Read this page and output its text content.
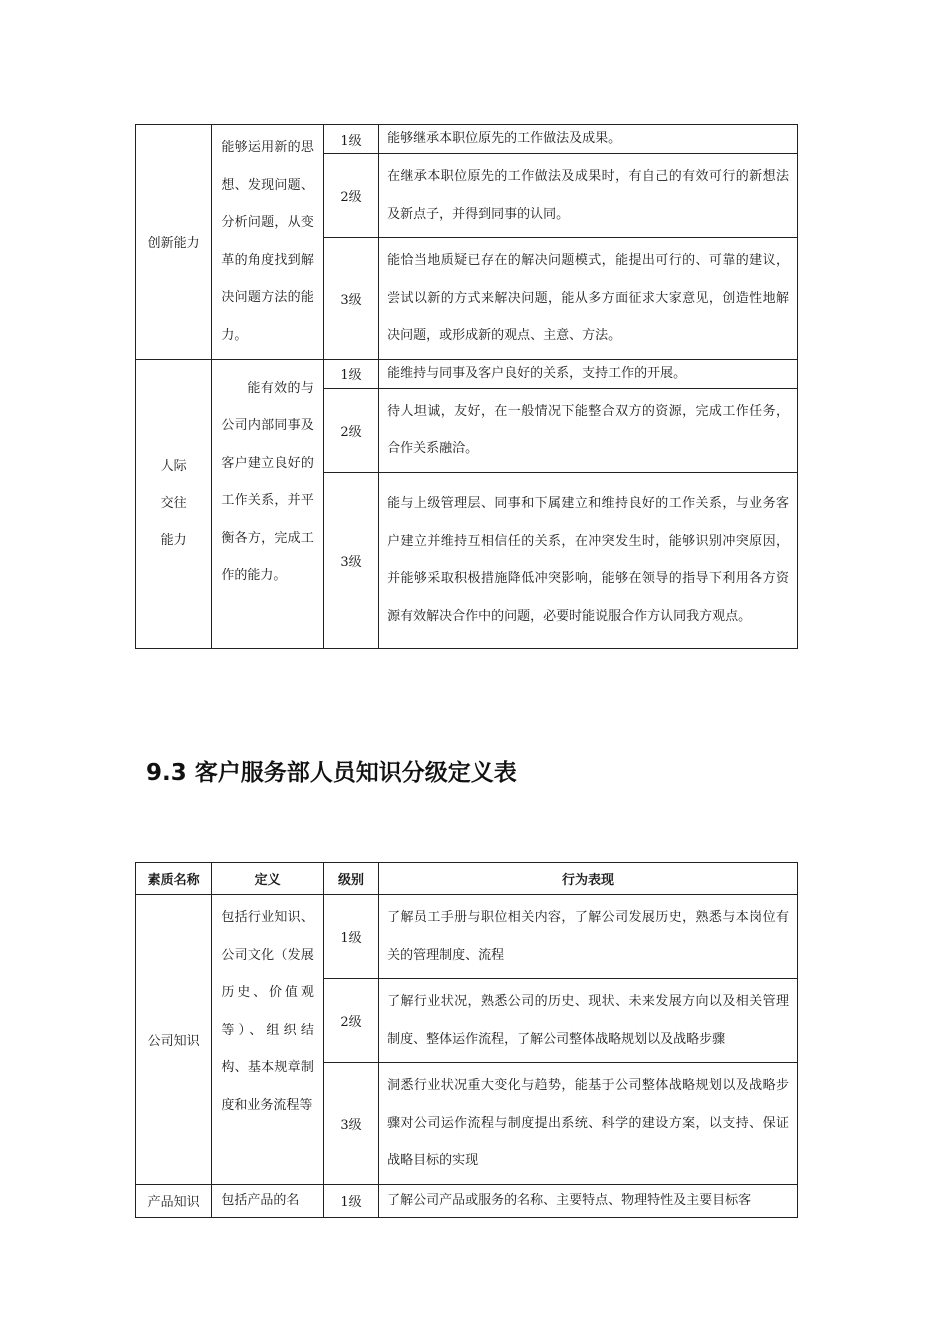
创新能力	能够运用新的思想、发现问题、分析问题，从变革的角度找到解决问题方法的能力。	1级	能够继承本职位原先的工作做法及成果。
		2级	在继承本职位原先的工作做法及成果时，有自己的有效可行的新想法及新点子，并得到同事的认同。
		3级	能恰当地质疑已存在的解决问题模式，能提出可行的、可靠的建议，尝试以新的方式来解决问题，能从多方面征求大家意见，创造性地解决问题，或形成新的观点、主意、方法。
人际交往能力	能有效的与公司内部同事及客户建立良好的工作关系，并平衡各方，完成工作的能力。	1级	能维持与同事及客户良好的关系，支持工作的开展。
		2级	待人坦诚，友好，在一般情况下能整合双方的资源，完成工作任务，合作关系融洽。
		3级	能与上级管理层、同事和下属建立和维持良好的工作关系，与业务客户建立并维持互相信任的关系，在冲突发生时，能够识别冲突原因，并能够采取积极措施降低冲突影响，能够在领导的指导下利用各方资源有效解决合作中的问题，必要时能说服合作方认同我方观点。
9.3 客户服务部人员知识分级定义表
素质名称	定义	级别	行为表现
公司知识	包括行业知识、公司文化（发展历史、价值观等）、组织结构、基本规章制度和业务流程等	1级	了解员工手册与职位相关内容，了解公司发展历史，熟悉与本岗位有关的管理制度、流程
		2级	了解行业状况，熟悉公司的历史、现状、未来发展方向以及相关管理制度、整体运作流程，了解公司整体战略规划以及战略步骤
		3级	洞悉行业状况重大变化与趋势，能基于公司整体战略规划以及战略步骤对公司运作流程与制度提出系统、科学的建设方案，以支持、保证战略目标的实现
产品知识	包括产品的名	1级	了解公司产品或服务的名称、主要特点、物理特性及主要目标客
